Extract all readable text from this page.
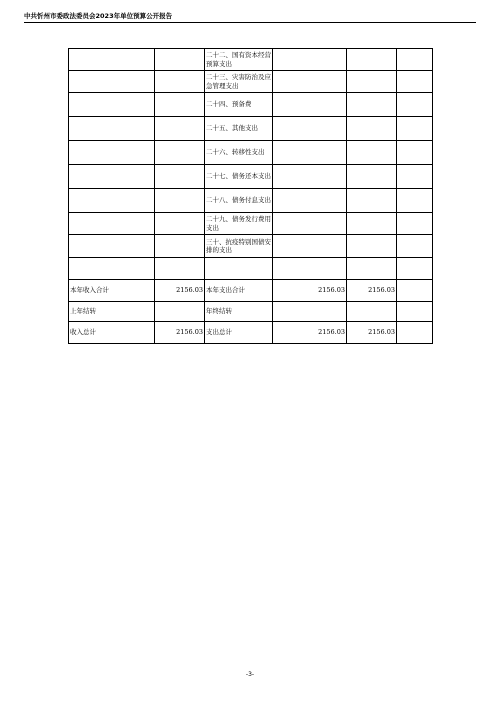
中共忻州市委政法委员会2023年单位预算公开报告
		二十二、国有资本经营预算支出			
		二十三、灾害防治及应急管理支出			
		二十四、预备费			
		二十五、其他支出			
		二十六、转移性支出			
		二十七、债务还本支出			
		二十八、债务付息支出			
		二十九、债务发行费用支出			
		三十、抗疫特别国债安排的支出			

本年收入合计	2156.03	本年支出合计	2156.03	2156.03	
上年结转		年终结转			
收入总计	2156.03	支出总计	2156.03	2156.03	
-3-
